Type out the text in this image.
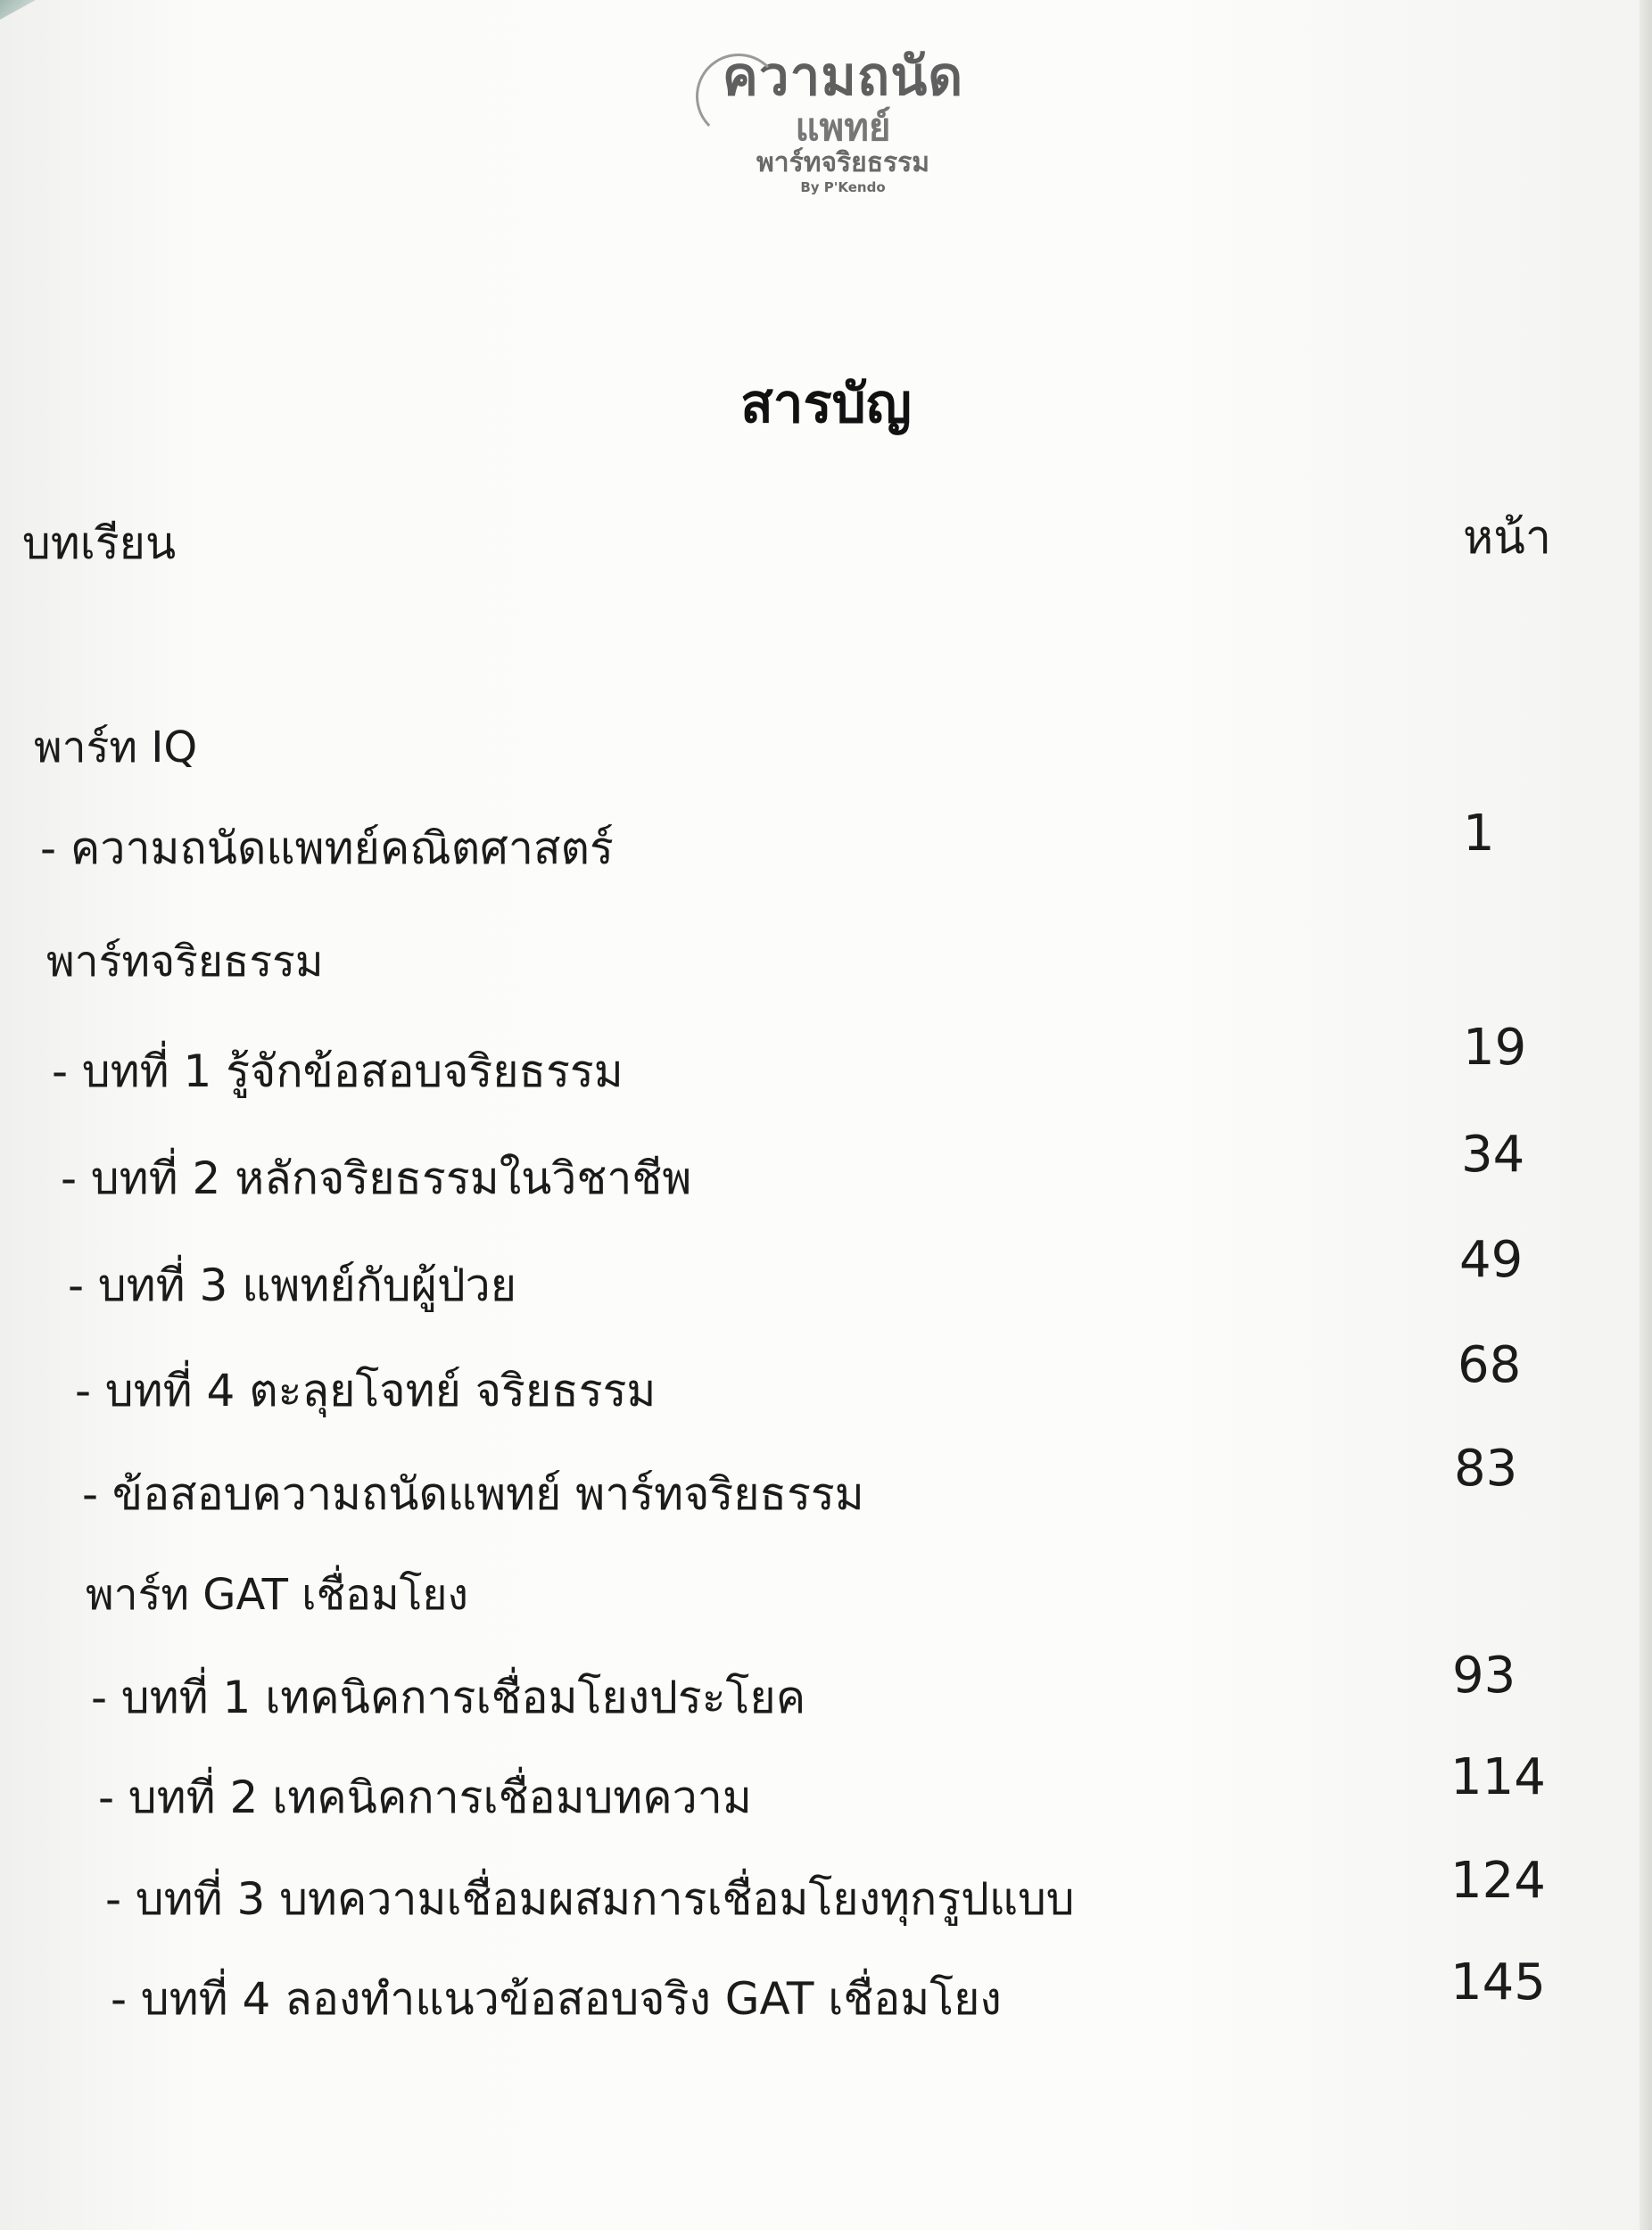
ความถนัด
แพทย์
พาร์ทจริยธรรม
By P'Kendo
สารบัญ
บทเรียน	หน้า
พาร์ท IQ
- ความถนัดแพทย์คณิตศาสตร์	1
พาร์ทจริยธรรม
- บทที่ 1 รู้จักข้อสอบจริยธรรม	19
- บทที่ 2 หลักจริยธรรมในวิชาชีพ	34
- บทที่ 3 แพทย์กับผู้ป่วย	49
- บทที่ 4 ตะลุยโจทย์ จริยธรรม	68
- ข้อสอบความถนัดแพทย์ พาร์ทจริยธรรม	83
พาร์ท GAT เชื่อมโยง
- บทที่ 1 เทคนิคการเชื่อมโยงประโยค	93
- บทที่ 2 เทคนิคการเชื่อมบทความ	114
- บทที่ 3 บทความเชื่อมผสมการเชื่อมโยงทุกรูปแบบ	124
- บทที่ 4 ลองทำแนวข้อสอบจริง GAT เชื่อมโยง	145
